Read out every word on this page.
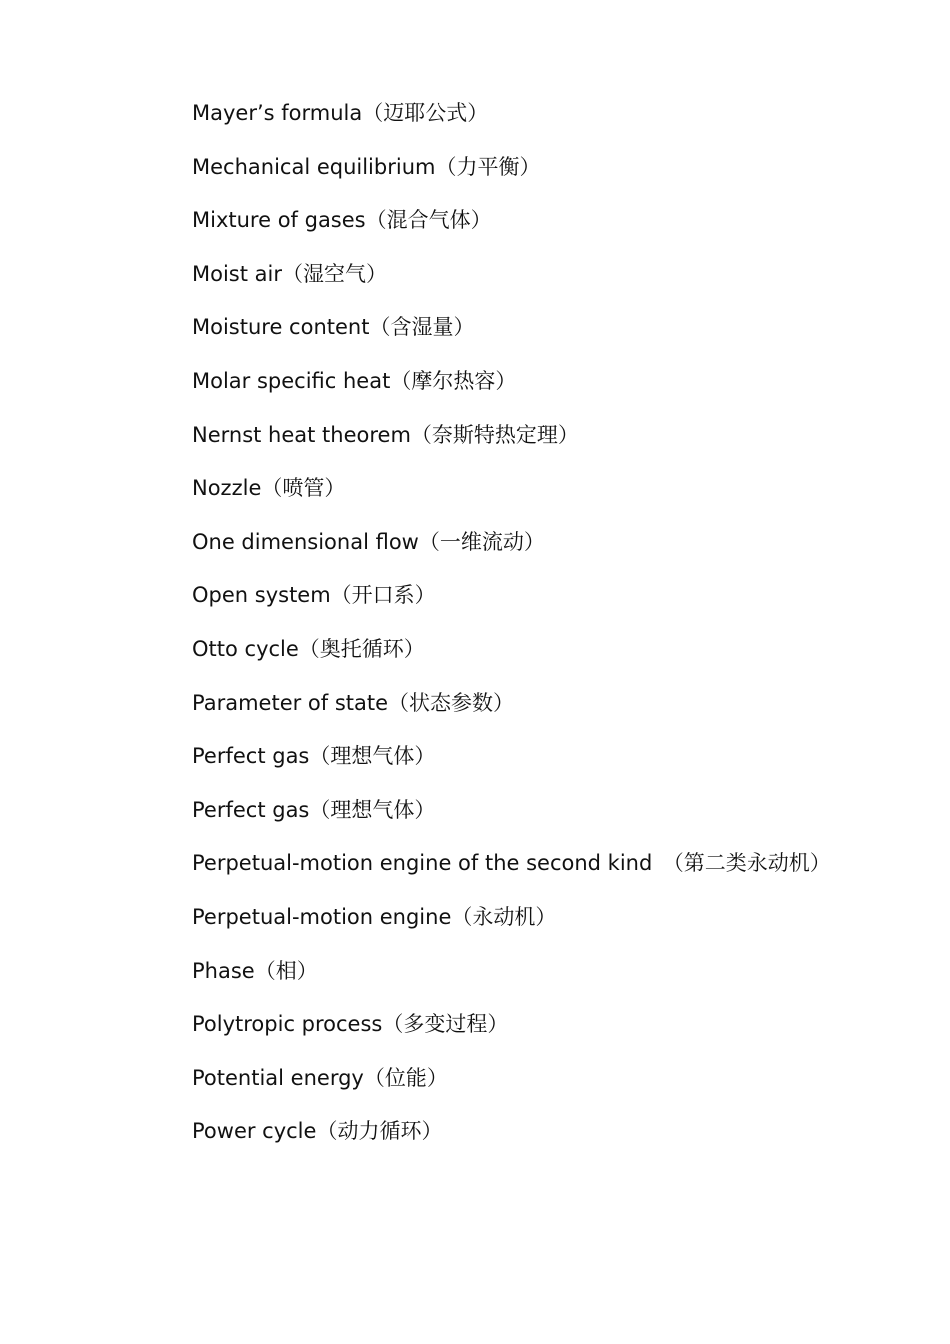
Mayer’s formula（迈耶公式）
Mechanical equilibrium（力平衡）
Mixture of gases（混合气体）
Moist air（湿空气）
Moisture content（含湿量）
Molar specific heat（摩尔热容）
Nernst heat theorem（奈斯特热定理）
Nozzle（喷管）
One dimensional flow（一维流动）
Open system（开口系）
Otto cycle（奥托循环）
Parameter of state（状态参数）
Perfect gas（理想气体）
Perfect gas（理想气体）
Perpetual-motion engine of the second kind　（第二类永动机）
Perpetual-motion engine（永动机）
Phase（相）
Polytropic process（多变过程）
Potential energy（位能）
Power cycle（动力循环）
